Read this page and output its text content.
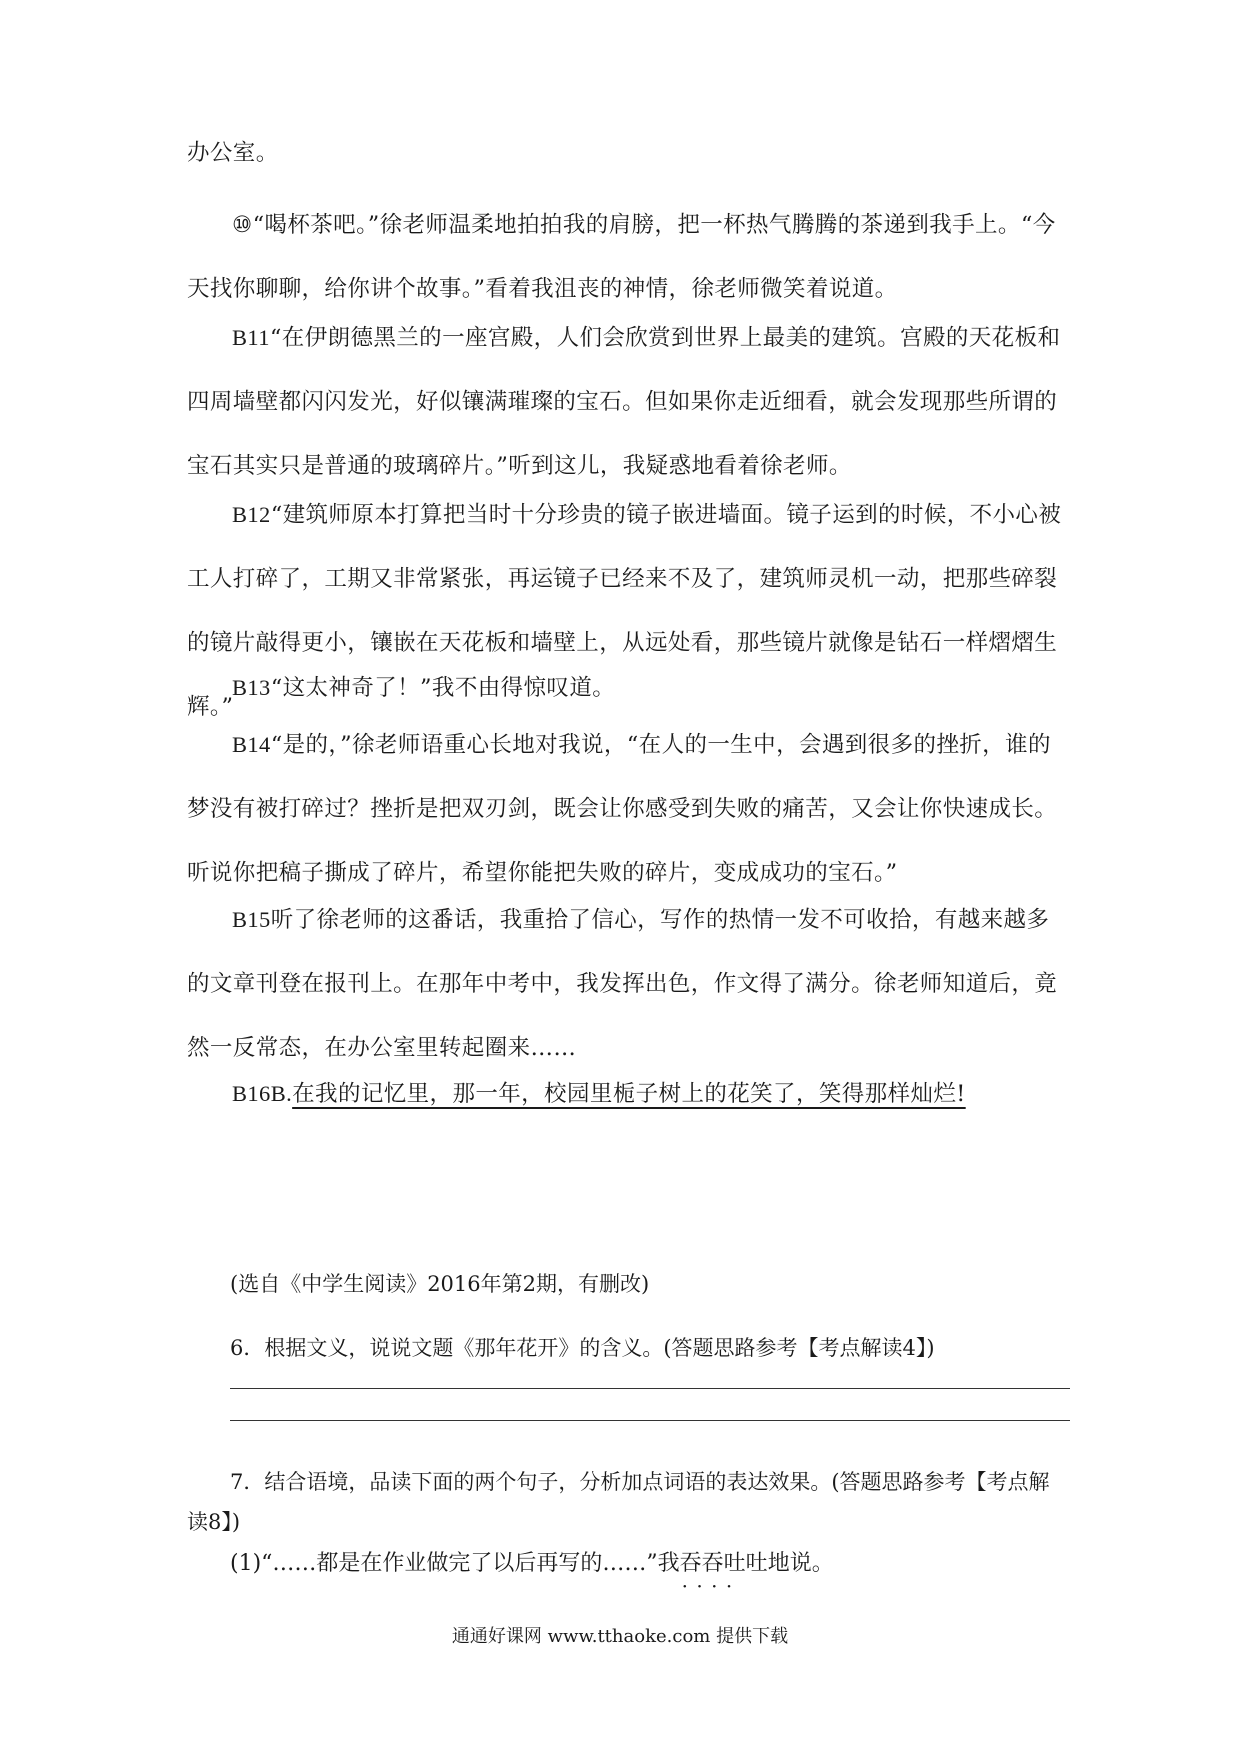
办公室。

⑩“喝杯茶吧。”徐老师温柔地拍拍我的肩膀，把一杯热气腾腾的茶递到我手上。“今天找你聊聊，给你讲个故事。”看着我沮丧的神情，徐老师微笑着说道。

B11“在伊朗德黑兰的一座宫殿，人们会欣赏到世界上最美的建筑。宫殿的天花板和四周墙壁都闪闪发光，好似镶满璀璨的宝石。但如果你走近细看，就会发现那些所谓的宝石其实只是普通的玻璃碎片。”听到这儿，我疑惑地看着徐老师。

B12“建筑师原本打算把当时十分珍贵的镜子嵌进墙面。镜子运到的时候，不小心被工人打碎了，工期又非常紧张，再运镜子已经来不及了，建筑师灵机一动，把那些碎裂的镜片敲得更小，镶嵌在天花板和墙壁上，从远处看，那些镜片就像是钻石一样熠熠生辉。”

B13“这太神奇了！”我不由得惊叹道。

B14“是的，”徐老师语重心长地对我说，“在人的一生中，会遇到很多的挫折，谁的梦没有被打碎过？挫折是把双刃剑，既会让你感受到失败的痛苦，又会让你快速成长。听说你把稿子撕成了碎片，希望你能把失败的碎片，变成成功的宝石。”

B15听了徐老师的这番话，我重拾了信心，写作的热情一发不可收拾，有越来越多的文章刊登在报刊上。在那年中考中，我发挥出色，作文得了满分。徐老师知道后，竟然一反常态，在办公室里转起圈来……

B16B.在我的记忆里，那一年，校园里栀子树上的花笑了，笑得那样灿烂!

(选自《中学生阅读》2016年第2期，有删改)

6．根据文义，说说文题《那年花开》的含义。(答题思路参考【考点解读4】)

7．结合语境，品读下面的两个句子，分析加点词语的表达效果。(答题思路参考【考点解读8】)

(1)“……都是在作业做完了以后再写的……”我吞吞吐吐 · ·地说。

通通好课网 www.tthaoke.com 提供下载
